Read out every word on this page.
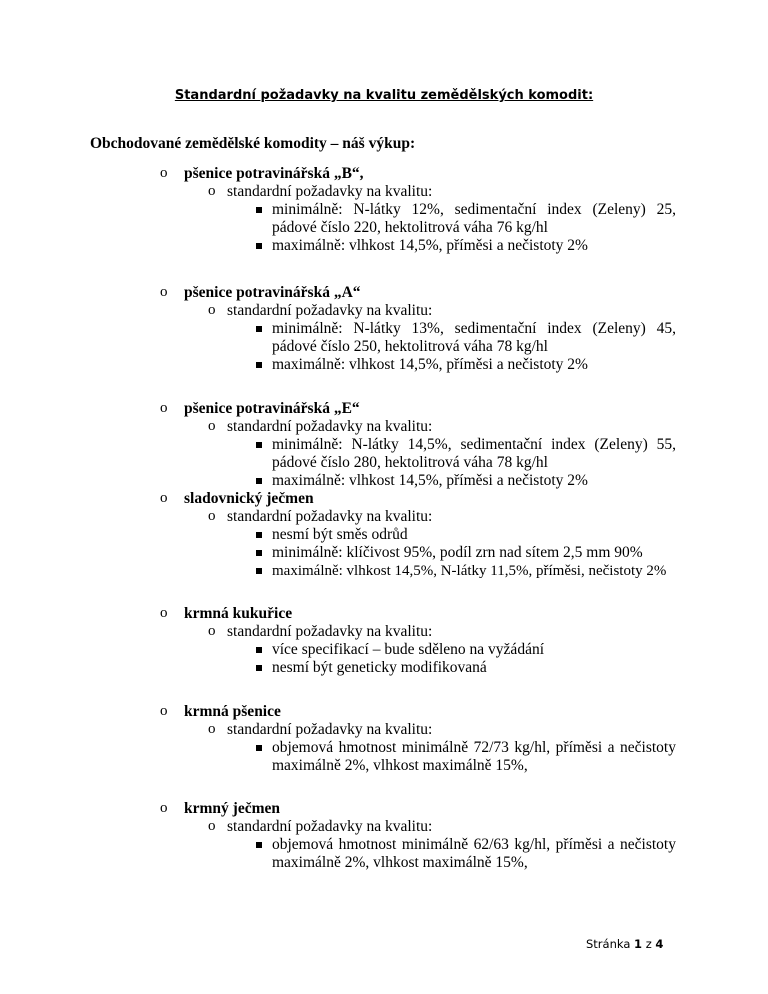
Standardní požadavky na kvalitu zemědělských komodit:
Obchodované zemědělské komodity – náš výkup:
o pšenice potravinářská „B“,
o standardní požadavky na kvalitu:
minimálně: N-látky 12%, sedimentační index (Zeleny) 25, pádové číslo 220, hektolitrová váha 76 kg/hl
maximálně: vlhkost 14,5%, příměsi a nečistoty 2%
o pšenice potravinářská „A“
o standardní požadavky na kvalitu:
minimálně: N-látky 13%, sedimentační index (Zeleny) 45, pádové číslo 250, hektolitrová váha 78 kg/hl
maximálně: vlhkost 14,5%, příměsi a nečistoty 2%
o pšenice potravinářská „E“
o standardní požadavky na kvalitu:
minimálně: N-látky 14,5%, sedimentační index (Zeleny) 55, pádové číslo 280, hektolitrová váha 78 kg/hl
maximálně: vlhkost 14,5%, příměsi a nečistoty 2%
o sladovnický ječmen
o standardní požadavky na kvalitu:
nesmí být směs odrůd
minimálně: klíčivost 95%, podíl zrn nad sítem 2,5 mm 90%
maximálně: vlhkost 14,5%, N-látky 11,5%, příměsi, nečistoty 2%
o krmná kukuřice
o standardní požadavky na kvalitu:
více specifikací – bude sděleno na vyžádání
nesmí být geneticky modifikovaná
o krmná pšenice
o standardní požadavky na kvalitu:
objemová hmotnost minimálně 72/73 kg/hl, příměsi a nečistoty maximálně 2%, vlhkost maximálně 15%,
o krmný ječmen
o standardní požadavky na kvalitu:
objemová hmotnost minimálně 62/63 kg/hl, příměsi a nečistoty maximálně 2%, vlhkost maximálně 15%,
Stránka 1 z 4
